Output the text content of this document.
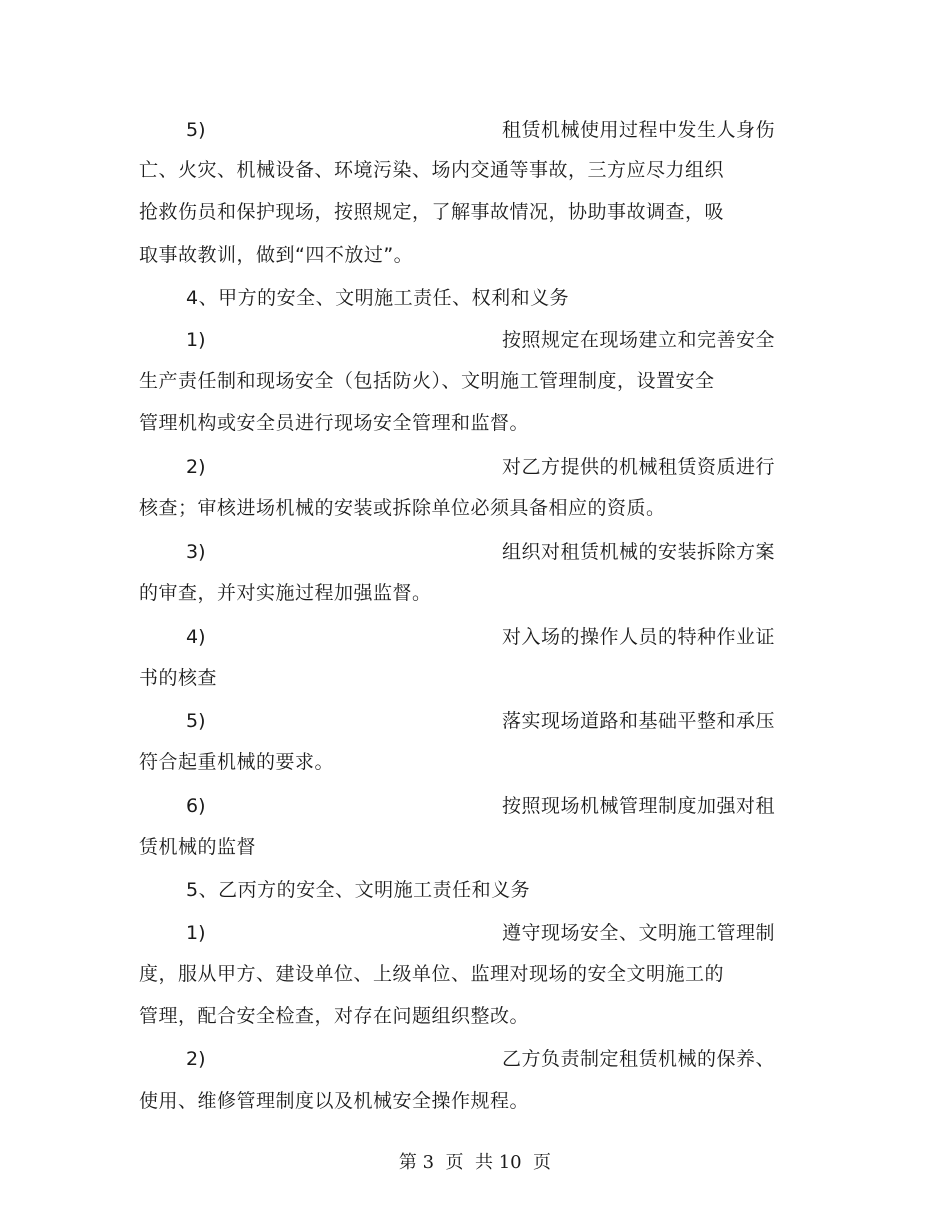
5)	租赁机械使用过程中发生人身伤
亡、火灾、机械设备、环境污染、场内交通等事故，三方应尽力组织
抢救伤员和保护现场，按照规定，了解事故情况，协助事故调查，吸
取事故教训，做到“四不放过”。
4、甲方的安全、文明施工责任、权利和义务
1)	按照规定在现场建立和完善安全
生产责任制和现场安全（包括防火）、文明施工管理制度，设置安全
管理机构或安全员进行现场安全管理和监督。
2)	对乙方提供的机械租赁资质进行
核查；审核进场机械的安装或拆除单位必须具备相应的资质。
3)	组织对租赁机械的安装拆除方案
的审查，并对实施过程加强监督。
4)	对入场的操作人员的特种作业证
书的核查
5)	落实现场道路和基础平整和承压
符合起重机械的要求。
6)	按照现场机械管理制度加强对租
赁机械的监督
5、乙丙方的安全、文明施工责任和义务
1)	遵守现场安全、文明施工管理制
度，服从甲方、建设单位、上级单位、监理对现场的安全文明施工的
管理，配合安全检查，对存在问题组织整改。
2)	乙方负责制定租赁机械的保养、
使用、维修管理制度以及机械安全操作规程。
第 3  页  共 10  页
